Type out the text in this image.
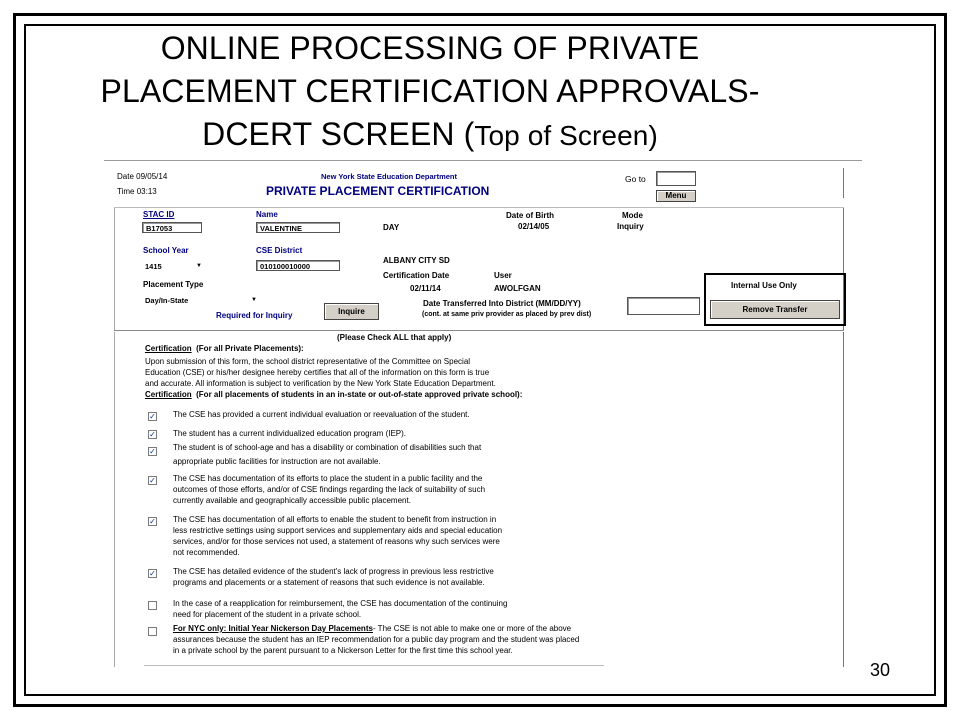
ONLINE PROCESSING OF PRIVATE
PLACEMENT CERTIFICATION APPROVALS-
DCERT SCREEN (Top of Screen)
Date 09/05/14
Time 03:13
New York State Education Department
PRIVATE PLACEMENT CERTIFICATION
Go to
Menu
STAC ID
B17053
Name
VALENTINE	DAY
Date of Birth
02/14/05
Mode
Inquiry
School Year
1415	▼
CSE District
010100010000
ALBANY CITY SD
Certification Date
02/11/14
User
AWOLFGAN
Placement Type
Day/In-State	▼
Required for Inquiry	Inquire
Date Transferred Into District (MM/DD/YY)
(cont. at same priv provider as placed by prev dist)
Internal Use Only
Remove Transfer
(Please Check ALL that apply)
Certification (For all Private Placements):
Upon submission of this form, the school district representative of the Committee on Special
Education (CSE) or his/her designee hereby certifies that all of the information on this form is true
and accurate. All information is subject to verification by the New York State Education Department.
Certification (For all placements of students in an in-state or out-of-state approved private school):
✓ The CSE has provided a current individual evaluation or reevaluation of the student.
✓ The student has a current individualized education program (IEP).
✓ The student is of school-age and has a disability or combination of disabilities such that
appropriate public facilities for instruction are not available.
✓ The CSE has documentation of its efforts to place the student in a public facility and the
outcomes of those efforts, and/or of CSE findings regarding the lack of suitability of such
currently available and geographically accessible public placement.
✓ The CSE has documentation of all efforts to enable the student to benefit from instruction in
less restrictive settings using support services and supplementary aids and special education
services, and/or for those services not used, a statement of reasons why such services were
not recommended.
✓ The CSE has detailed evidence of the student's lack of progress in previous less restrictive
programs and placements or a statement of reasons that such evidence is not available.
In the case of a reapplication for reimbursement, the CSE has documentation of the continuing
need for placement of the student in a private school.
For NYC only: Initial Year Nickerson Day Placements- The CSE is not able to make one or more of the above
assurances because the student has an IEP recommendation for a public day program and the student was placed
in a private school by the parent pursuant to a Nickerson Letter for the first time this school year.
30
